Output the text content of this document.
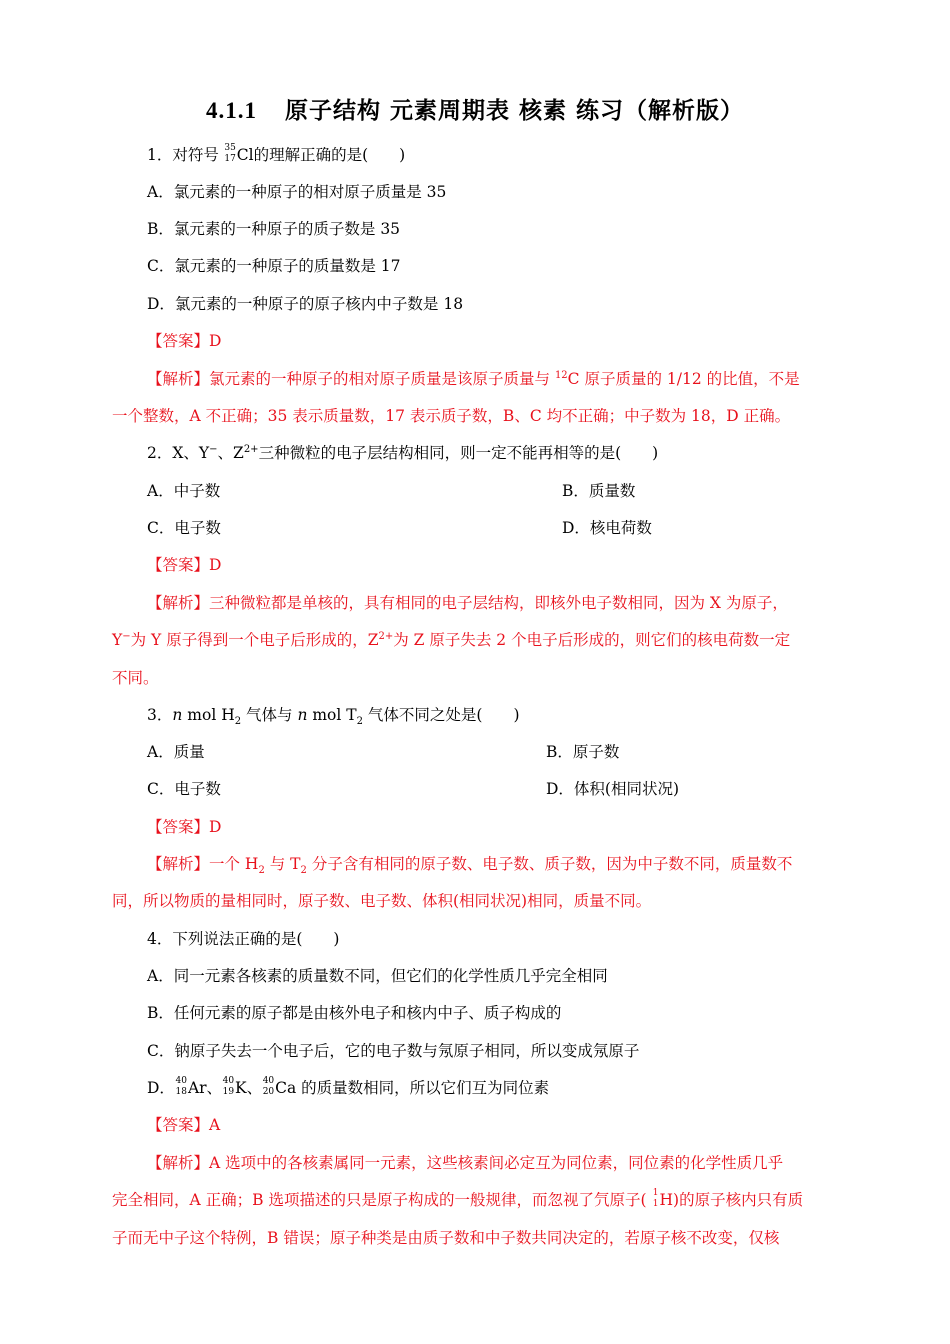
4.1.1 原子结构 元素周期表 核素 练习（解析版）
1．对符号 35
17 Cl的理解正确的是(　　)
A．氯元素的一种原子的相对原子质量是 35
B．氯元素的一种原子的质子数是 35
C．氯元素的一种原子的质量数是 17
D．氯元素的一种原子的原子核内中子数是 18
【答案】D
【解析】氯元素的一种原子的相对原子质量是该原子质量与 $^{12}$C 原子质量的 1/12 的比值，不是
一个整数，A 不正确；35 表示质量数，17 表示质子数，B、C 均不正确；中子数为 18，D 正确。
2．X、Y−、$Z^{2+}$三种微粒的电子层结构相同，则一定不能再相等的是(　　)
A．中子数	B．质量数
C．电子数	D．核电荷数
【答案】D
【解析】三种微粒都是单核的，具有相同的电子层结构，即核外电子数相同，因为 X 为原子，
Y−为 Y 原子得到一个电子后形成的，$Z^{2+}$为 Z 原子失去 2 个电子后形成的，则它们的核电荷数一定
不同。
3．n mol $H_2$ 气体与 n mol $T_2$ 气体不同之处是(　　)
A．质量	B．原子数
C．电子数	D．体积(相同状况)
【答案】D
【解析】一个 $H_2$ 与 $T_2$ 分子含有相同的原子数、电子数、质子数，因为中子数不同，质量数不
同，所以物质的量相同时，原子数、电子数、体积(相同状况)相同，质量不同。
4．下列说法正确的是(　　)
A．同一元素各核素的质量数不同，但它们的化学性质几乎完全相同
B．任何元素的原子都是由核外电子和核内中子、质子构成的
C．钠原子失去一个电子后，它的电子数与氖原子相同，所以变成氖原子
D． 40
18 Ar、 40
19 K、 40
20 Ca 的质量数相同，所以它们互为同位素
【答案】A
【解析】A 选项中的各核素属同一元素，这些核素间必定互为同位素，同位素的化学性质几乎
完全相同，A 正确；B 选项描述的只是原子构成的一般规律，而忽视了氕原子( 1
1 H)的原子核内只有质
子而无中子这个特例，B 错误；原子种类是由质子数和中子数共同决定的，若原子核不改变，仅核
